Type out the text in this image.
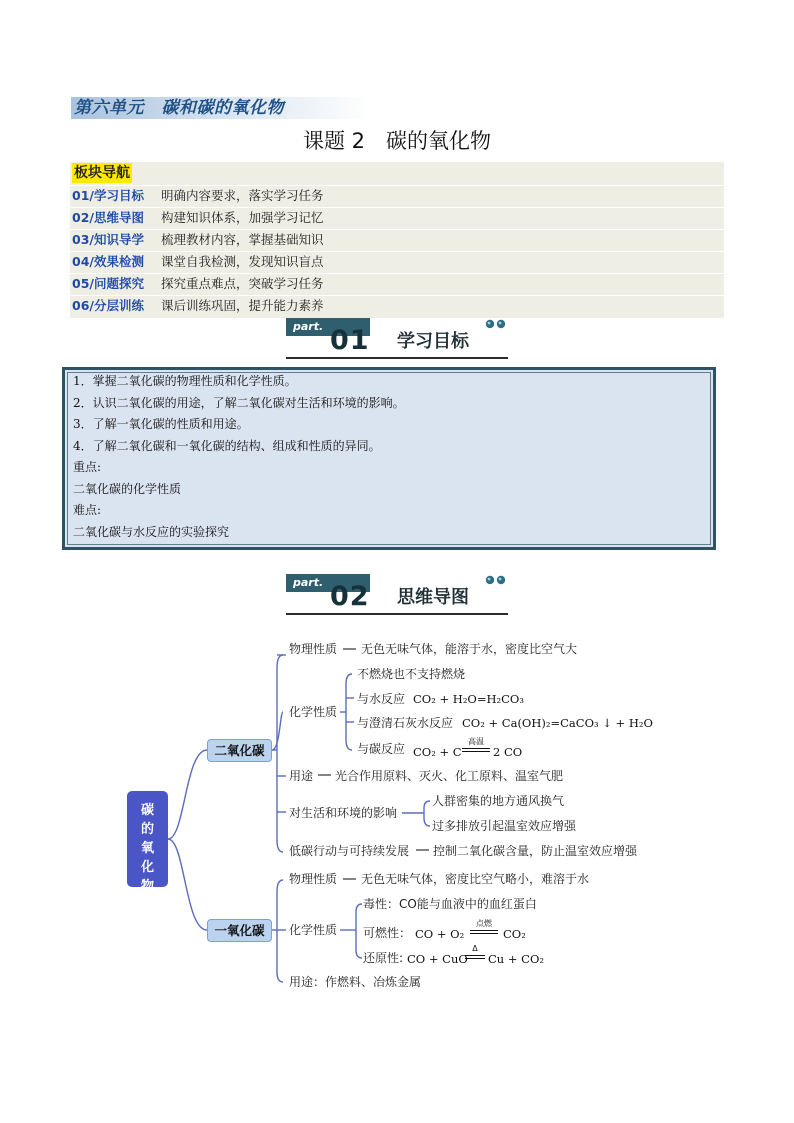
第六单元　碳和碳的氧化物
课题 2　碳的氧化物
板块导航
01/学习目标 明确内容要求，落实学习任务
02/思维导图 构建知识体系，加强学习记忆
03/知识导学 梳理教材内容，掌握基础知识
04/效果检测 课堂自我检测，发现知识盲点
05/问题探究 探究重点难点，突破学习任务
06/分层训练 课后训练巩固，提升能力素养
part. 01 学习目标
1．掌握二氧化碳的物理性质和化学性质。
2．认识二氧化碳的用途，了解二氧化碳对生活和环境的影响。
3．了解一氧化碳的性质和用途。
4．了解二氧化碳和一氧化碳的结构、组成和性质的异同。
重点:
二氧化碳的化学性质
难点:
二氧化碳与水反应的实验探究
part. 02 思维导图
碳的氧化物
二氧化碳
一氧化碳
物理性质 无色无味气体，能溶于水，密度比空气大
化学性质
不燃烧也不支持燃烧
与水反应 CO₂ + H₂O=H₂CO₃
与澄清石灰水反应 CO₂ + Ca(OH)₂=CaCO₃ ↓ + H₂O
与碳反应 CO₂ + C
高温
2 CO
用途 光合作用原料、灭火、化工原料、温室气肥
对生活和环境的影响
人群密集的地方通风换气
过多排放引起温室效应增强
低碳行动与可持续发展 控制二氧化碳含量，防止温室效应增强
物理性质 无色无味气体，密度比空气略小，难溶于水
化学性质
毒性：CO能与血液中的血红蛋白
可燃性： CO + O₂
点燃
CO₂
还原性: CO + CuO
Δ
Cu + CO₂
用途：作燃料、冶炼金属
